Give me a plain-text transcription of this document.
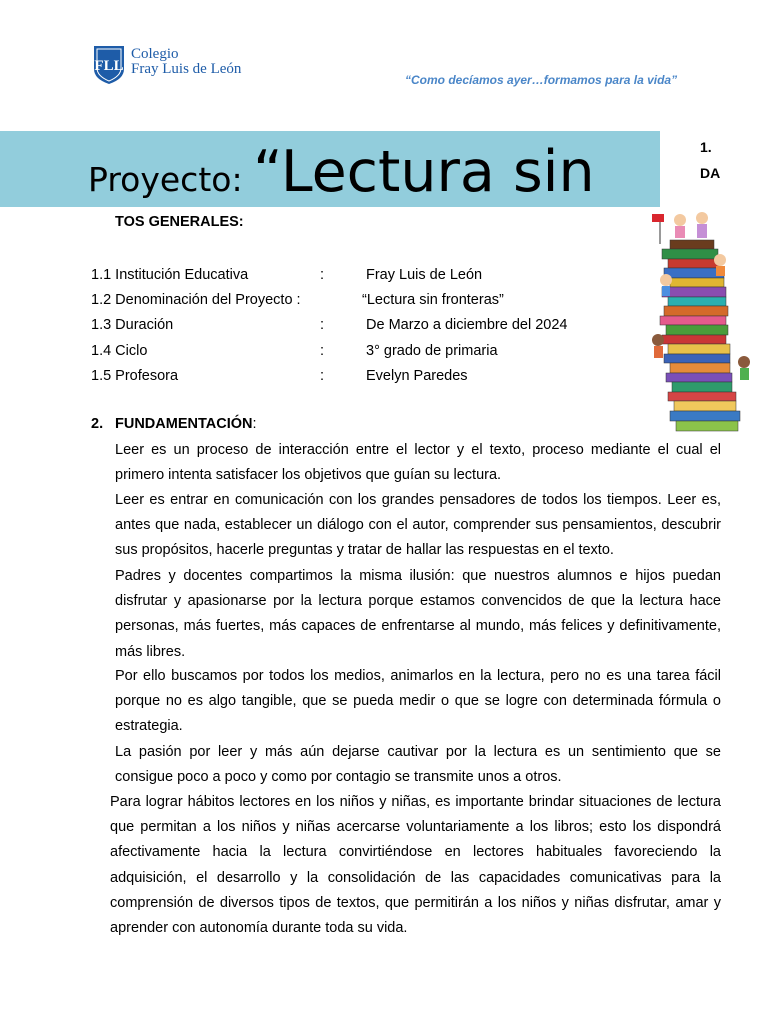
FLL
Colegio
Fray Luis de León
“Como decíamos ayer…formamos para la vida”
Proyecto: “Lectura sin	1.
DA
TOS GENERALES:
1.1 Institución Educativa	:	Fray Luis de León
1.2 Denominación del Proyecto :	“Lectura sin fronteras”
1.3 Duración	:	De Marzo a diciembre del 2024
1.4 Ciclo	:	3° grado de primaria
1.5 Profesora	:	Evelyn Paredes
2. FUNDAMENTACIÓN:
Leer es un proceso de interacción entre el lector y el texto, proceso mediante el cual el primero intenta satisfacer los objetivos que guían su lectura.
Leer es entrar en comunicación con los grandes pensadores de todos los tiempos. Leer es, antes que nada, establecer un diálogo con el autor, comprender sus pensamientos, descubrir sus propósitos, hacerle preguntas y tratar de hallar las respuestas en el texto.
Padres y docentes compartimos la misma ilusión: que nuestros alumnos e hijos puedan disfrutar y apasionarse por la lectura porque estamos convencidos de que la lectura hace personas, más fuertes, más capaces de enfrentarse al mundo, más felices y definitivamente, más libres.
Por ello buscamos por todos los medios, animarlos en la lectura, pero no es una tarea fácil porque no es algo tangible, que se pueda medir o que se logre con determinada fórmula o estrategia.
La pasión por leer y más aún dejarse cautivar por la lectura es un sentimiento que se consigue poco a poco y como por contagio se transmite unos a otros.
Para lograr hábitos lectores en los niños y niñas, es importante brindar situaciones de lectura que permitan a los niños y niñas acercarse voluntariamente a los libros; esto los dispondrá afectivamente hacia la lectura convirtiéndose en lectores habituales favoreciendo la adquisición, el desarrollo y la consolidación de las capacidades comunicativas para la comprensión de diversos tipos de textos, que permitirán a los niños y niñas disfrutar, amar y aprender con autonomía durante toda su vida.
